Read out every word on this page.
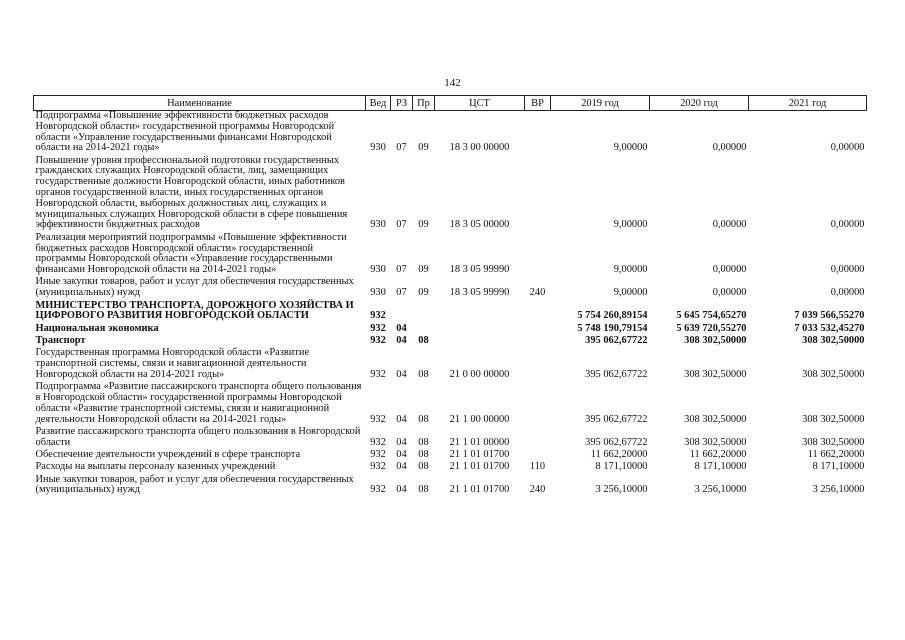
142
Наименование	Вед	РЗ	Пр	ЦСТ	ВР	2019 год	2020 год	2021 год
Подпрограмма «Повышение эффективности бюджетных расходов Новгородской области» государственной программы Новгородской области «Управление государственными финансами Новгородской области на 2014-2021 годы»	930	07	09	18 3 00 00000		9,00000	0,00000	0,00000
Повышение уровня профессиональной подготовки государственных гражданских служащих Новгородской области, лиц, замещающих государственные должности Новгородской области, иных работников органов государственной власти, иных государственных органов Новгородской области, выборных должностных лиц, служащих и муниципальных служащих Новгородской области в сфере повышения эффективности бюджетных расходов	930	07	09	18 3 05 00000		9,00000	0,00000	0,00000
Реализация мероприятий подпрограммы «Повышение эффективности бюджетных расходов Новгородской области» государственной программы Новгородской области «Управление государственными финансами Новгородской области на 2014-2021 годы»	930	07	09	18 3 05 99990		9,00000	0,00000	0,00000
Иные закупки товаров, работ и услуг для обеспечения государственных (муниципальных) нужд	930	07	09	18 3 05 99990	240	9,00000	0,00000	0,00000
МИНИСТЕРСТВО ТРАНСПОРТА, ДОРОЖНОГО ХОЗЯЙСТВА И ЦИФРОВОГО РАЗВИТИЯ НОВГОРОДСКОЙ ОБЛАСТИ	932					5 754 260,89154	5 645 754,65270	7 039 566,55270
Национальная экономика	932	04				5 748 190,79154	5 639 720,55270	7 033 532,45270
Транспорт	932	04	08			395 062,67722	308 302,50000	308 302,50000
Государственная программа Новгородской области «Развитие транспортной системы, связи и навигационной деятельности Новгородской области на 2014-2021 годы»	932	04	08	21 0 00 00000		395 062,67722	308 302,50000	308 302,50000
Подпрограмма «Развитие пассажирского транспорта общего пользования в Новгородской области» государственной программы Новгородской области «Развитие транспортной системы, связи и навигационной деятельности Новгородской области на 2014-2021 годы»	932	04	08	21 1 00 00000		395 062,67722	308 302,50000	308 302,50000
Развитие пассажирского транспорта общего пользования в Новгородской области	932	04	08	21 1 01 00000		395 062,67722	308 302,50000	308 302,50000
Обеспечение деятельности учреждений в сфере транспорта	932	04	08	21 1 01 01700		11 662,20000	11 662,20000	11 662,20000
Расходы на выплаты персоналу казенных учреждений	932	04	08	21 1 01 01700	110	8 171,10000	8 171,10000	8 171,10000
Иные закупки товаров, работ и услуг для обеспечения государственных (муниципальных) нужд	932	04	08	21 1 01 01700	240	3 256,10000	3 256,10000	3 256,10000
